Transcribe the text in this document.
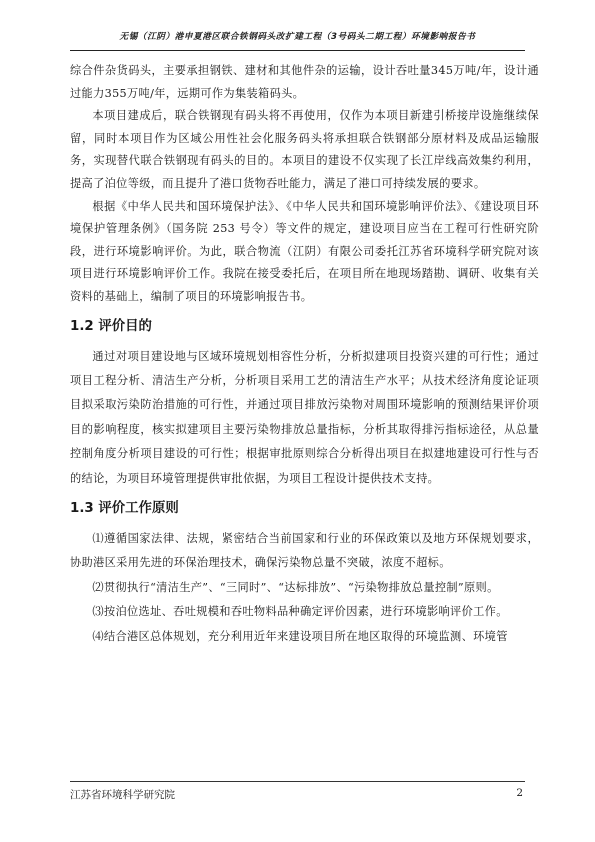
无锡（江阴）港申夏港区联合铁钢码头改扩建工程（3号码头二期工程）环境影响报告书

综合件杂货码头，主要承担钢铁、建材和其他件杂的运输，设计吞吐量345万吨/年，设计通过能力355万吨/年，远期可作为集装箱码头。

本项目建成后，联合铁钢现有码头将不再使用，仅作为本项目新建引桥接岸设施继续保留，同时本项目作为区域公用性社会化服务码头将承担联合铁钢部分原材料及成品运输服务，实现替代联合铁钢现有码头的目的。本项目的建设不仅实现了长江岸线高效集约利用，提高了泊位等级，而且提升了港口货物吞吐能力，满足了港口可持续发展的要求。

根据《中华人民共和国环境保护法》、《中华人民共和国环境影响评价法》、《建设项目环境保护管理条例》（国务院 253 号令）等文件的规定，建设项目应当在工程可行性研究阶段，进行环境影响评价。为此，联合物流（江阴）有限公司委托江苏省环境科学研究院对该项目进行环境影响评价工作。我院在接受委托后，在项目所在地现场踏勘、调研、收集有关资料的基础上，编制了项目的环境影响报告书。

1.2 评价目的

通过对项目建设地与区域环境规划相容性分析，分析拟建项目投资兴建的可行性；通过项目工程分析、清洁生产分析，分析项目采用工艺的清洁生产水平；从技术经济角度论证项目拟采取污染防治措施的可行性，并通过项目排放污染物对周围环境影响的预测结果评价项目的影响程度，核实拟建项目主要污染物排放总量指标，分析其取得排污指标途径，从总量控制角度分析项目建设的可行性；根据审批原则综合分析得出项目在拟建地建设可行性与否的结论，为项目环境管理提供审批依据，为项目工程设计提供技术支持。

1.3 评价工作原则

⑴遵循国家法律、法规，紧密结合当前国家和行业的环保政策以及地方环保规划要求，协助港区采用先进的环保治理技术，确保污染物总量不突破，浓度不超标。

⑵贯彻执行“清洁生产”、“三同时”、“达标排放”、“污染物排放总量控制”原则。

⑶按泊位选址、吞吐规模和吞吐物料品种确定评价因素，进行环境影响评价工作。

⑷结合港区总体规划，充分利用近年来建设项目所在地区取得的环境监测、环境管

江苏省环境科学研究院	2
